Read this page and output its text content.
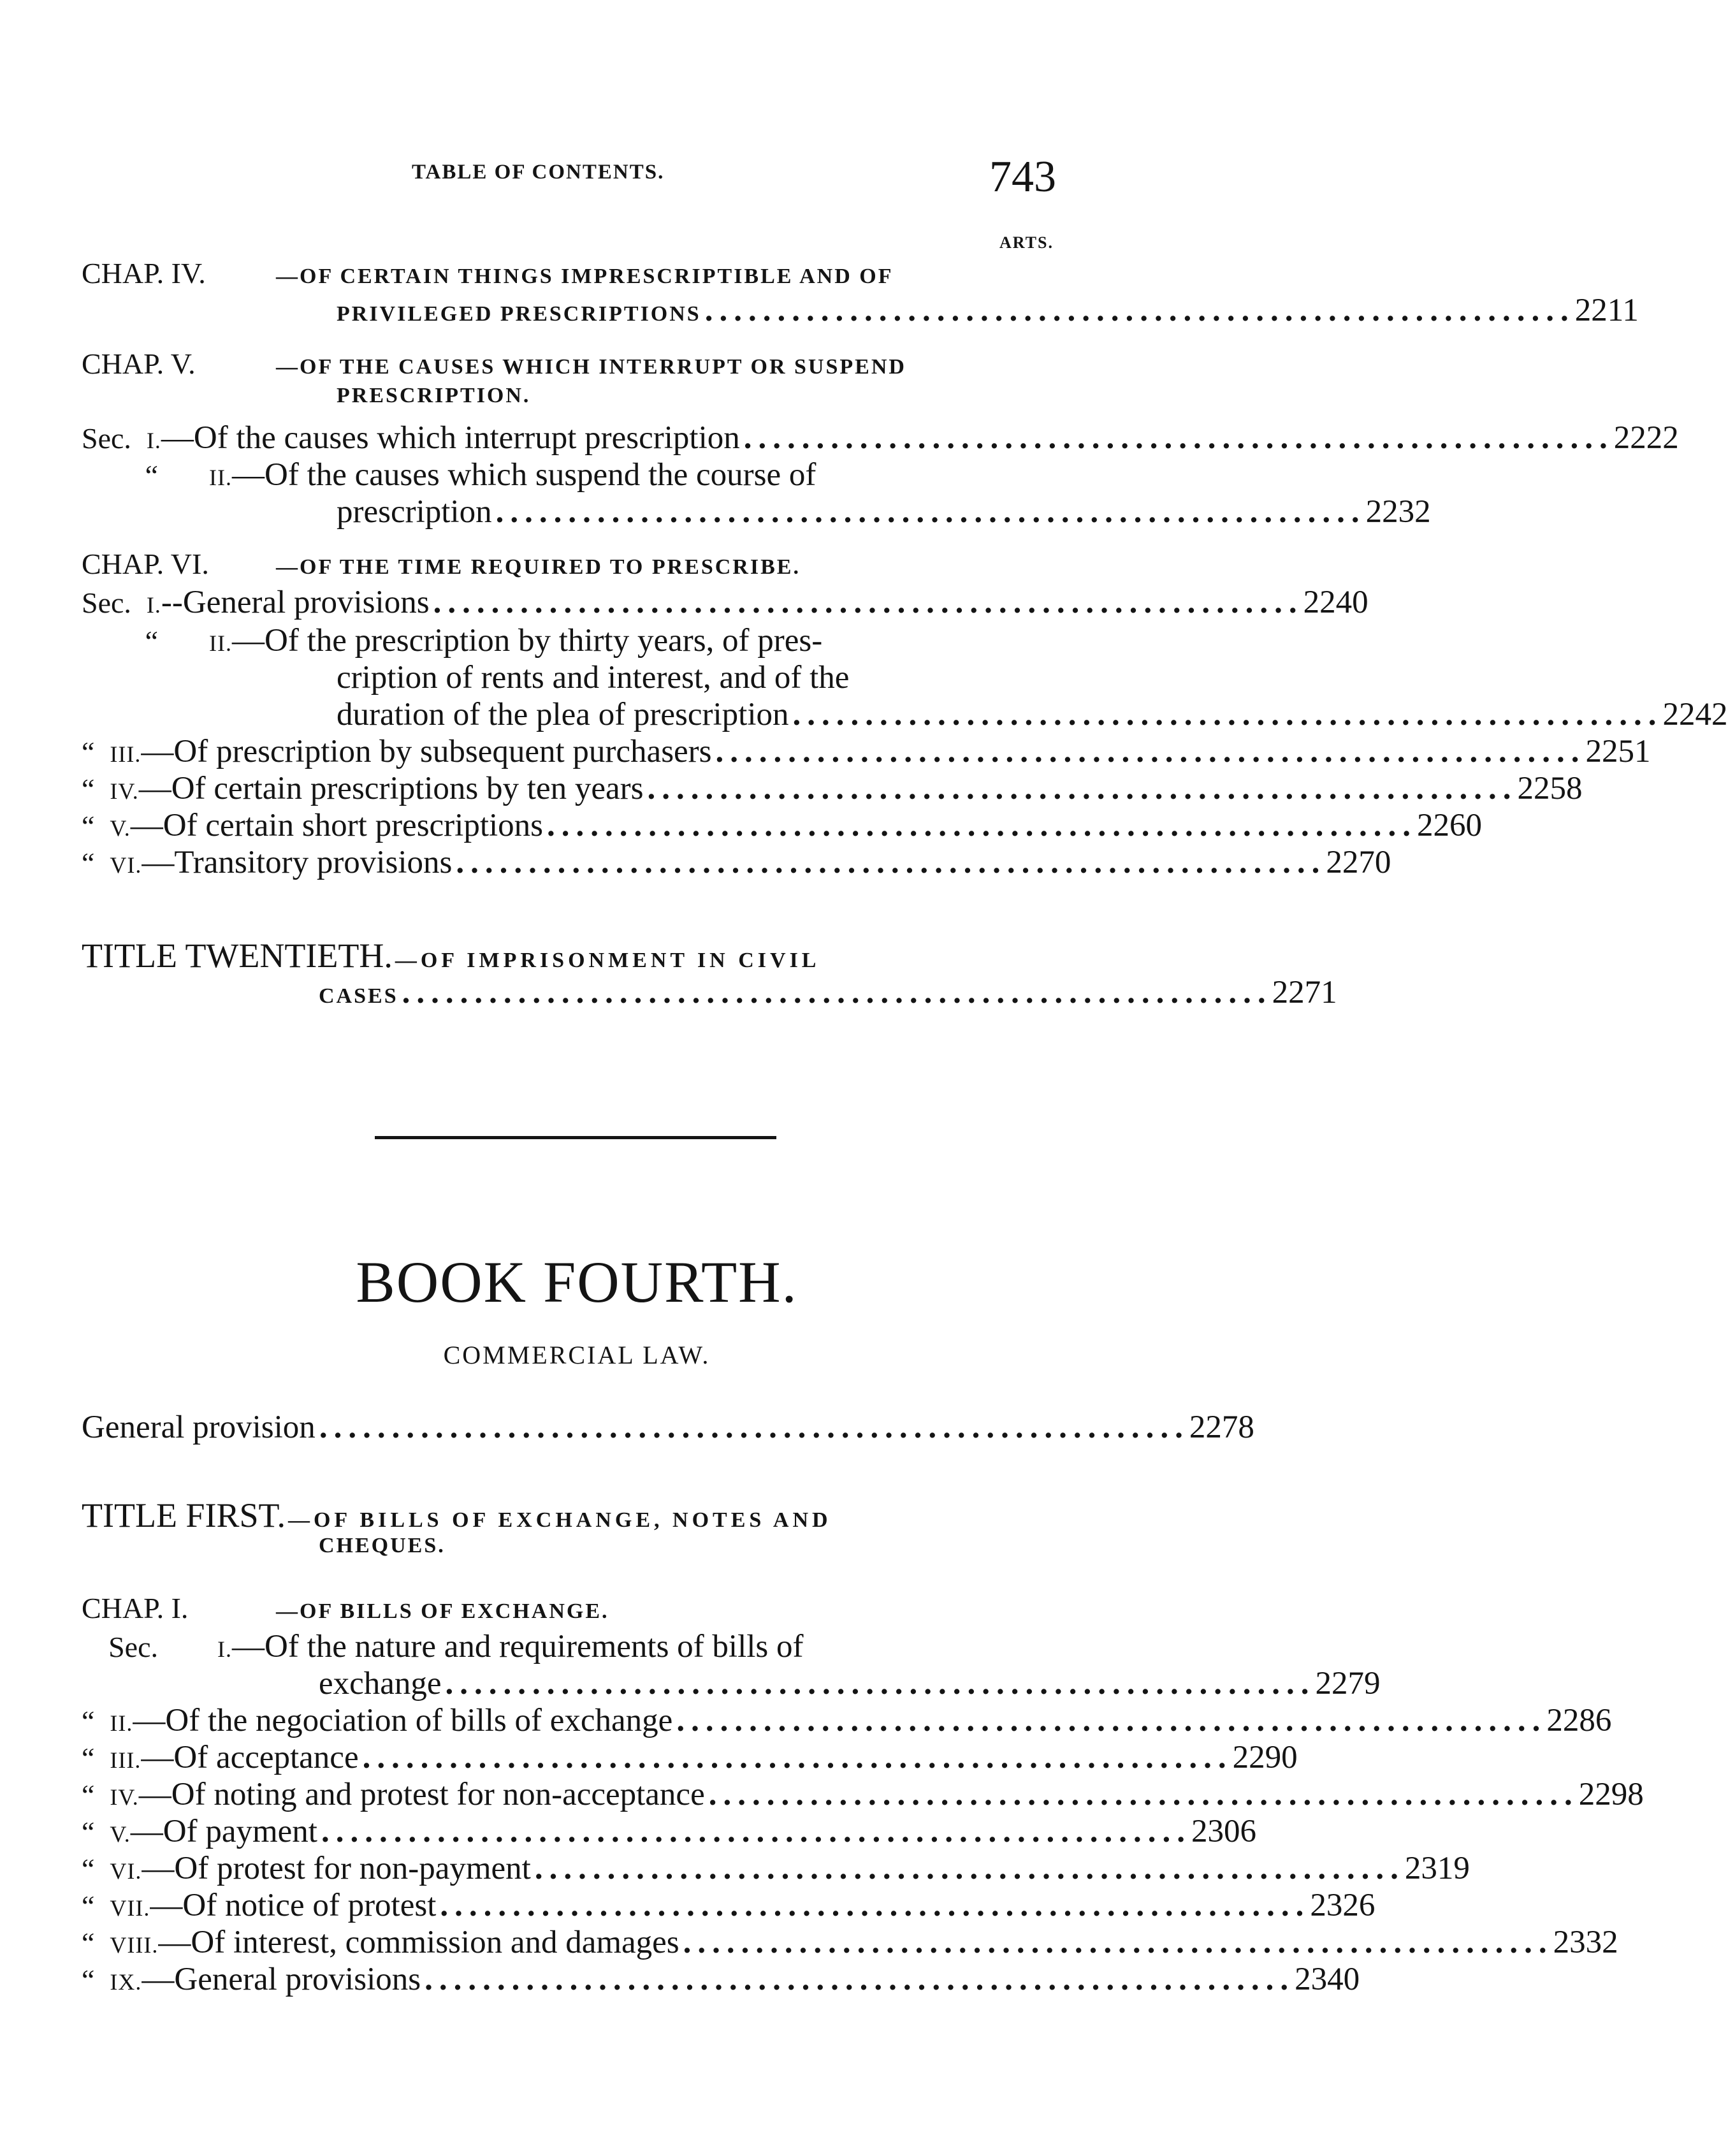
TABLE OF CONTENTS.	743
ARTS.
CHAP. IV.	—OF CERTAIN THINGS IMPRESCRIPTIBLE AND OF
PRIVILEGED PRESCRIPTIONS ............................................................ 2211
CHAP. V.	—OF THE CAUSES WHICH INTERRUPT OR SUSPEND
PRESCRIPTION.
Sec. I. —Of the causes which interrupt prescription ............................................................ 2222
“	II. —Of the causes which suspend the course of
prescription ............................................................ 2232
CHAP. VI.	—OF THE TIME REQUIRED TO PRESCRIBE.
Sec. I. --General provisions ............................................................ 2240
“	II. —Of the prescription by thirty years, of pres-
cription of rents and interest, and of the
duration of the plea of prescription ............................................................ 2242
“ III. —Of prescription by subsequent purchasers ............................................................ 2251
“ IV. —Of certain prescriptions by ten years ............................................................ 2258
“ V. —Of certain short prescriptions ............................................................ 2260
“ VI. —Transitory provisions ............................................................ 2270
TITLE TWENTIETH. —OF IMPRISONMENT IN CIVIL
CASES ............................................................ 2271
BOOK FOURTH.
COMMERCIAL LAW.
General provision ............................................................ 2278
TITLE FIRST. —OF BILLS OF EXCHANGE, NOTES AND
CHEQUES.
CHAP. I.	—OF BILLS OF EXCHANGE.
Sec.	I. —Of the nature and requirements of bills of
exchange ............................................................ 2279
“ II. —Of the negociation of bills of exchange ............................................................ 2286
“ III. —Of acceptance ............................................................ 2290
“ IV. —Of noting and protest for non-acceptance ............................................................ 2298
“ V. —Of payment ............................................................ 2306
“ VI. —Of protest for non-payment ............................................................ 2319
“ VII. —Of notice of protest ............................................................ 2326
“ VIII. —Of interest, commission and damages ............................................................ 2332
“ IX. —General provisions ............................................................ 2340
